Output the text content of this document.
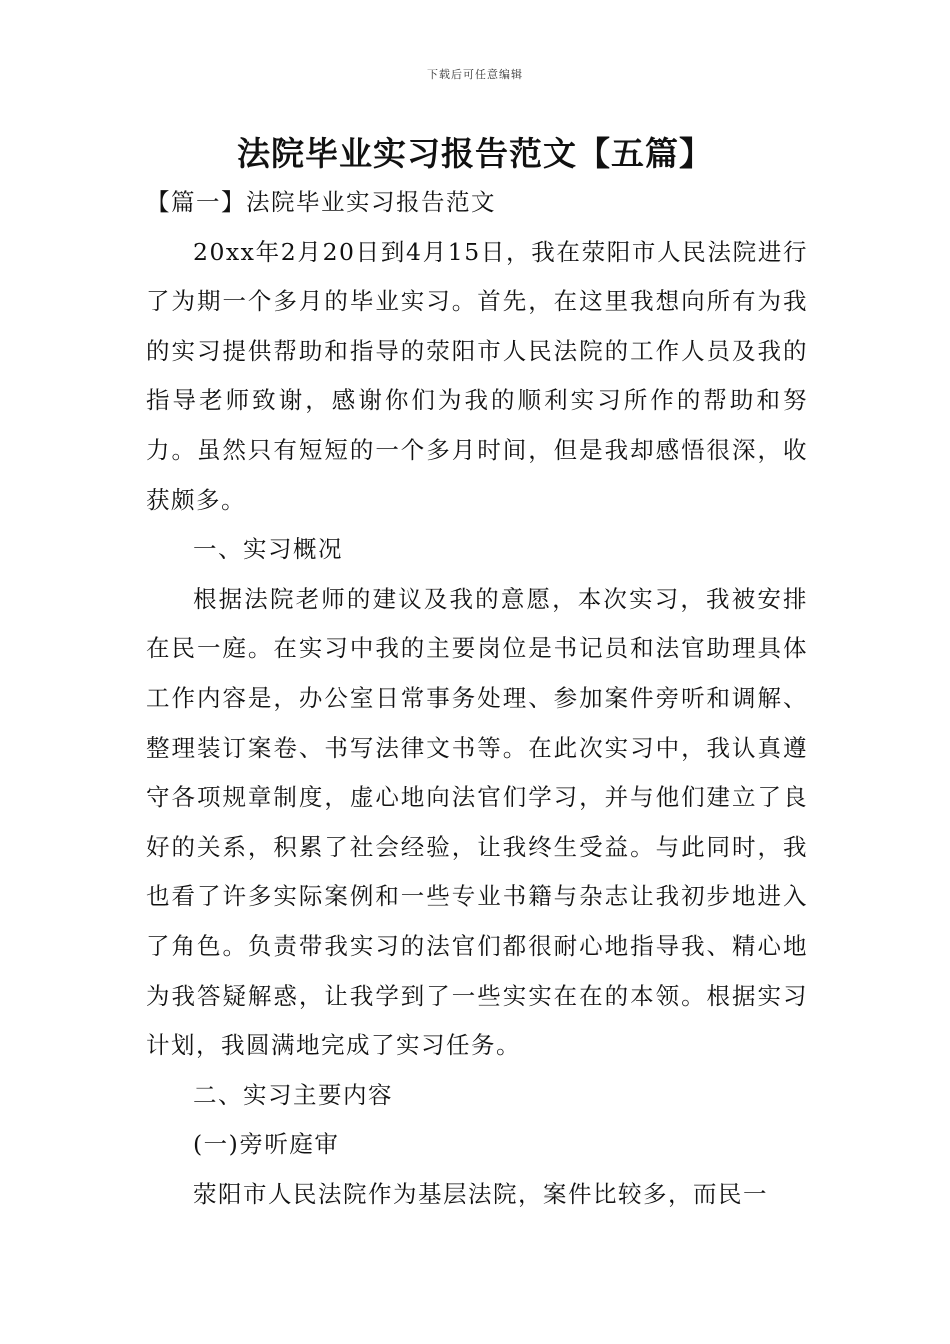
下载后可任意编辑
法院毕业实习报告范文【五篇】

【篇一】法院毕业实习报告范文

20xx年2月20日到4月15日，我在荥阳市人民法院进行了为期一个多月的毕业实习。首先，在这里我想向所有为我的实习提供帮助和指导的荥阳市人民法院的工作人员及我的指导老师致谢，感谢你们为我的顺利实习所作的帮助和努力。虽然只有短短的一个多月时间，但是我却感悟很深，收获颇多。

一、实习概况

根据法院老师的建议及我的意愿，本次实习，我被安排在民一庭。在实习中我的主要岗位是书记员和法官助理具体工作内容是，办公室日常事务处理、参加案件旁听和调解、整理装订案卷、书写法律文书等。在此次实习中，我认真遵守各项规章制度，虚心地向法官们学习，并与他们建立了良好的关系，积累了社会经验，让我终生受益。与此同时，我也看了许多实际案例和一些专业书籍与杂志让我初步地进入了角色。负责带我实习的法官们都很耐心地指导我、精心地为我答疑解惑，让我学到了一些实实在在的本领。根据实习计划，我圆满地完成了实习任务。

二、实习主要内容

(一)旁听庭审

荥阳市人民法院作为基层法院，案件比较多，而民一
